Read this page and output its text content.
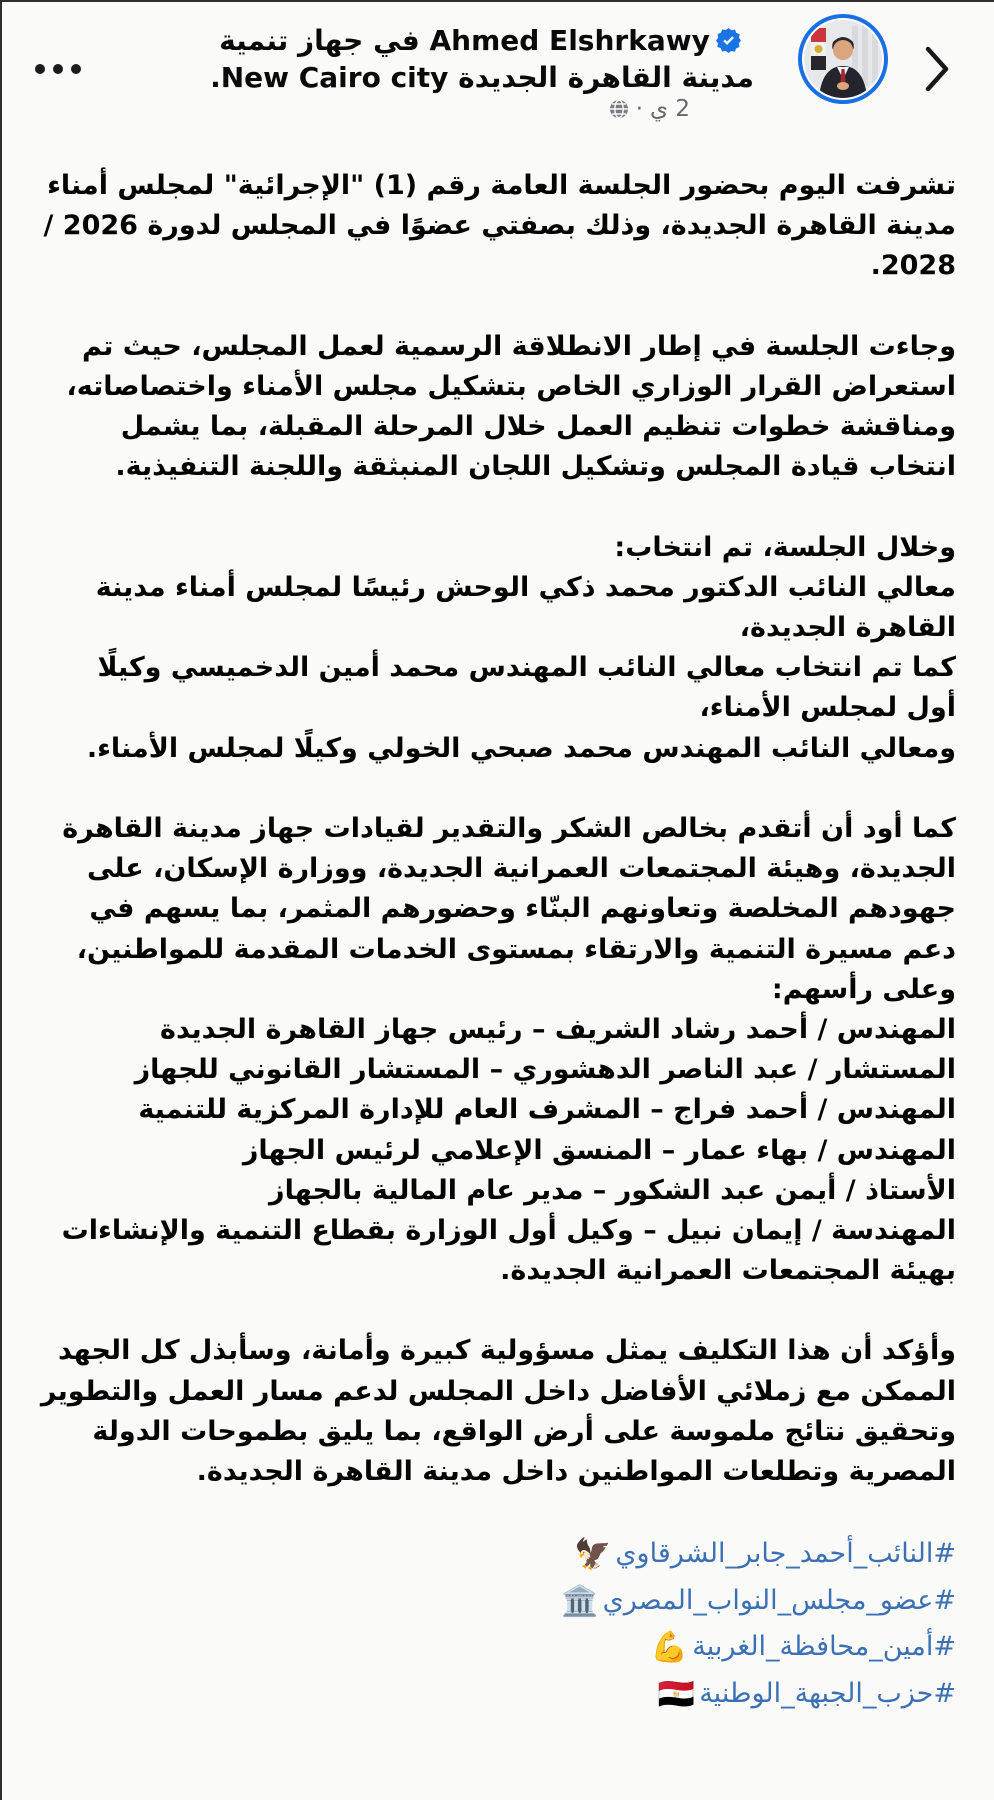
Ahmed Elshrkawy في جهاز تنمية مدينة القاهرة الجديدة New Cairo city.
2 ي
·

تشرفت اليوم بحضور الجلسة العامة رقم (1) "الإجرائية" لمجلس أمناء مدينة القاهرة الجديدة، وذلك بصفتي عضوًا في المجلس لدورة 2026 / 2028.

وجاءت الجلسة في إطار الانطلاقة الرسمية لعمل المجلس، حيث تم استعراض القرار الوزاري الخاص بتشكيل مجلس الأمناء واختصاصاته، ومناقشة خطوات تنظيم العمل خلال المرحلة المقبلة، بما يشمل انتخاب قيادة المجلس وتشكيل اللجان المنبثقة واللجنة التنفيذية.

وخلال الجلسة، تم انتخاب:
معالي النائب الدكتور محمد ذكي الوحش رئيسًا لمجلس أمناء مدينة القاهرة الجديدة،
كما تم انتخاب معالي النائب المهندس محمد أمين الدخميسي وكيلًا أول لمجلس الأمناء،
ومعالي النائب المهندس محمد صبحي الخولي وكيلًا لمجلس الأمناء.

كما أود أن أتقدم بخالص الشكر والتقدير لقيادات جهاز مدينة القاهرة الجديدة، وهيئة المجتمعات العمرانية الجديدة، ووزارة الإسكان، على جهودهم المخلصة وتعاونهم البنّاء وحضورهم المثمر، بما يسهم في دعم مسيرة التنمية والارتقاء بمستوى الخدمات المقدمة للمواطنين، وعلى رأسهم:
المهندس / أحمد رشاد الشريف – رئيس جهاز القاهرة الجديدة
المستشار / عبد الناصر الدهشوري – المستشار القانوني للجهاز
المهندس / أحمد فراج – المشرف العام للإدارة المركزية للتنمية
المهندس / بهاء عمار – المنسق الإعلامي لرئيس الجهاز
الأستاذ / أيمن عبد الشكور – مدير عام المالية بالجهاز
المهندسة / إيمان نبيل – وكيل أول الوزارة بقطاع التنمية والإنشاءات بهيئة المجتمعات العمرانية الجديدة.

وأؤكد أن هذا التكليف يمثل مسؤولية كبيرة وأمانة، وسأبذل كل الجهد الممكن مع زملائي الأفاضل داخل المجلس لدعم مسار العمل والتطوير وتحقيق نتائج ملموسة على أرض الواقع، بما يليق بطموحات الدولة المصرية وتطلعات المواطنين داخل مدينة القاهرة الجديدة.

#النائب_أحمد_جابر_الشرقاوي🦅
#عضو_مجلس_النواب_المصري🏛️
#أمين_محافظة_الغربية💪
#حزب_الجبهة_الوطنية🇪🇬
